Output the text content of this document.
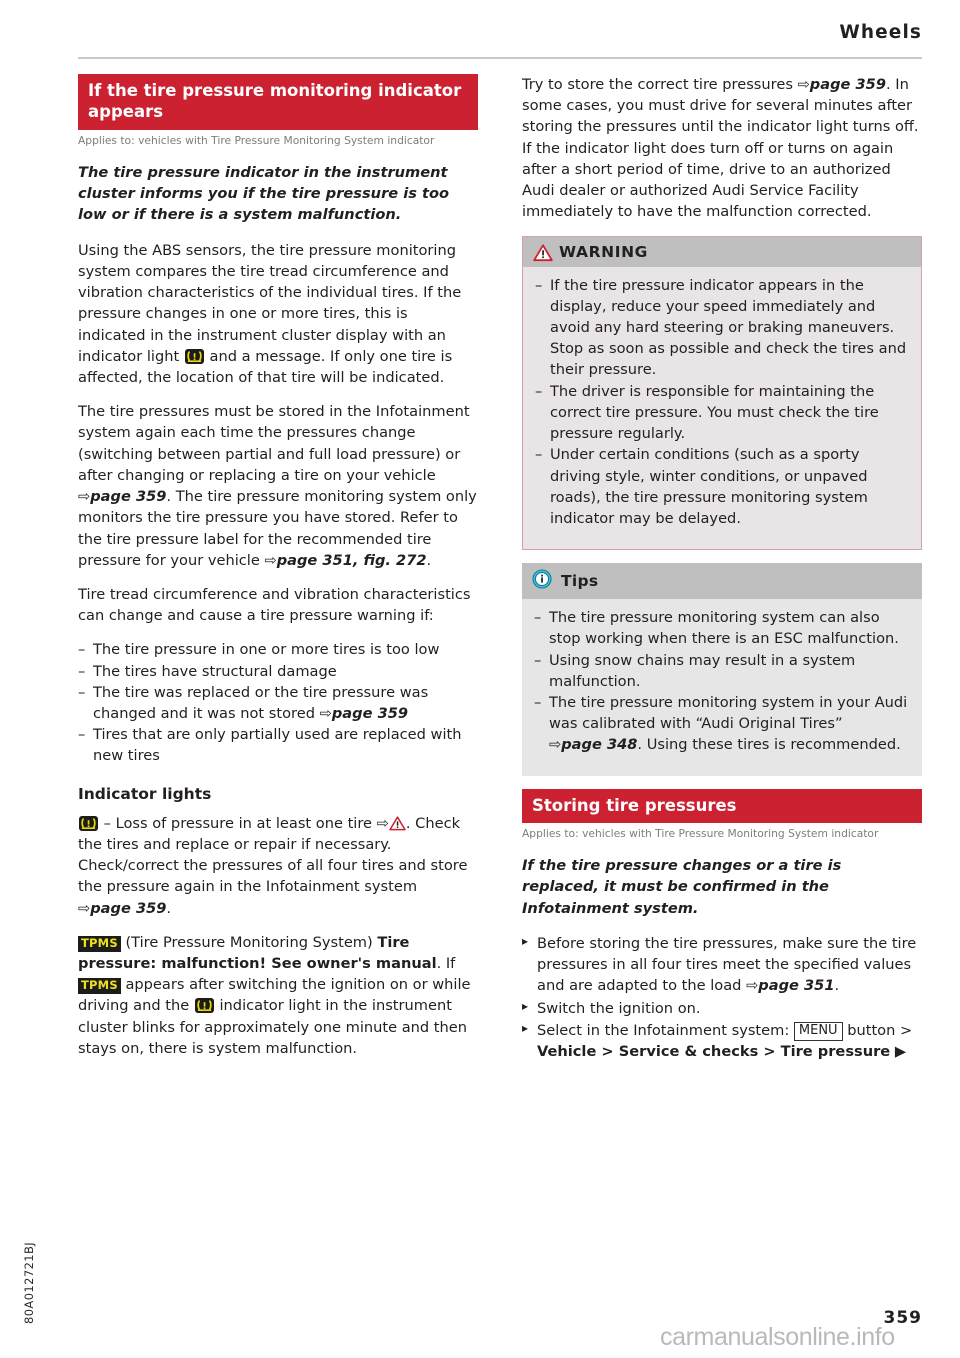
Wheels
If the tire pressure monitoring indicator appears
Applies to: vehicles with Tire Pressure Monitoring System indicator

The tire pressure indicator in the instrument cluster informs you if the tire pressure is too low or if there is a system malfunction.

Using the ABS sensors, the tire pressure monitoring system compares the tire tread circumference and vibration characteristics of the individual tires. If the pressure changes in one or more tires, this is indicated in the instrument cluster display with an indicator light
and a message. If only one tire is affected, the location of that tire will be indicated.

The tire pressures must be stored in the Infotainment system again each time the pressures change (switching between partial and full load pressure) or after changing or replacing a tire on your vehicle ⇨page 359. The tire pressure monitoring system only monitors the tire pressure you have stored. Refer to the tire pressure label for the recommended tire pressure for your vehicle ⇨page 351, fig. 272.

Tire tread circumference and vibration characteristics can change and cause a tire pressure warning if:

– The tire pressure in one or more tires is too low
– The tires have structural damage
– The tire was replaced or the tire pressure was changed and it was not stored ⇨page 359
– Tires that are only partially used are replaced with new tires
Indicator lights

– Loss of pressure in at least one tire ⇨ . Check the tires and replace or repair if necessary. Check/correct the pressures of all four tires and store the pressure again in the Infotainment system ⇨page 359.

TPMS (Tire Pressure Monitoring System) Tire pressure: malfunction! See owner's manual. If TPMS appears after switching the ignition on or while driving and the
indicator light in the instrument cluster blinks for approximately one minute and then stays on, there is system malfunction.

Try to store the correct tire pressures ⇨page 359. In some cases, you must drive for several minutes after storing the pressures until the indicator light turns off. If the indicator light does turn off or turns on again after a short period of time, drive to an authorized Audi dealer or authorized Audi Service Facility immediately to have the malfunction corrected.

WARNING
– If the tire pressure indicator appears in the display, reduce your speed immediately and avoid any hard steering or braking maneuvers. Stop as soon as possible and check the tires and their pressure.
– The driver is responsible for maintaining the correct tire pressure. You must check the tire pressure regularly.
– Under certain conditions (such as a sporty driving style, winter conditions, or unpaved roads), the tire pressure monitoring system indicator may be delayed.
Tips
– The tire pressure monitoring system can also stop working when there is an ESC malfunction.
– Using snow chains may result in a system malfunction.
– The tire pressure monitoring system in your Audi was calibrated with “Audi Original Tires” ⇨page 348. Using these tires is recommended.
Storing tire pressures
Applies to: vehicles with Tire Pressure Monitoring System indicator

If the tire pressure changes or a tire is replaced, it must be confirmed in the Infotainment system.

▸ Before storing the tire pressures, make sure the tire pressures in all four tires meet the specified values and are adapted to the load ⇨page 351.
▸ Switch the ignition on.
▸ Select in the Infotainment system: MENU button > Vehicle > Service & checks > Tire pressure ▶
80A012721BJ	359
carmanualsonline.info
